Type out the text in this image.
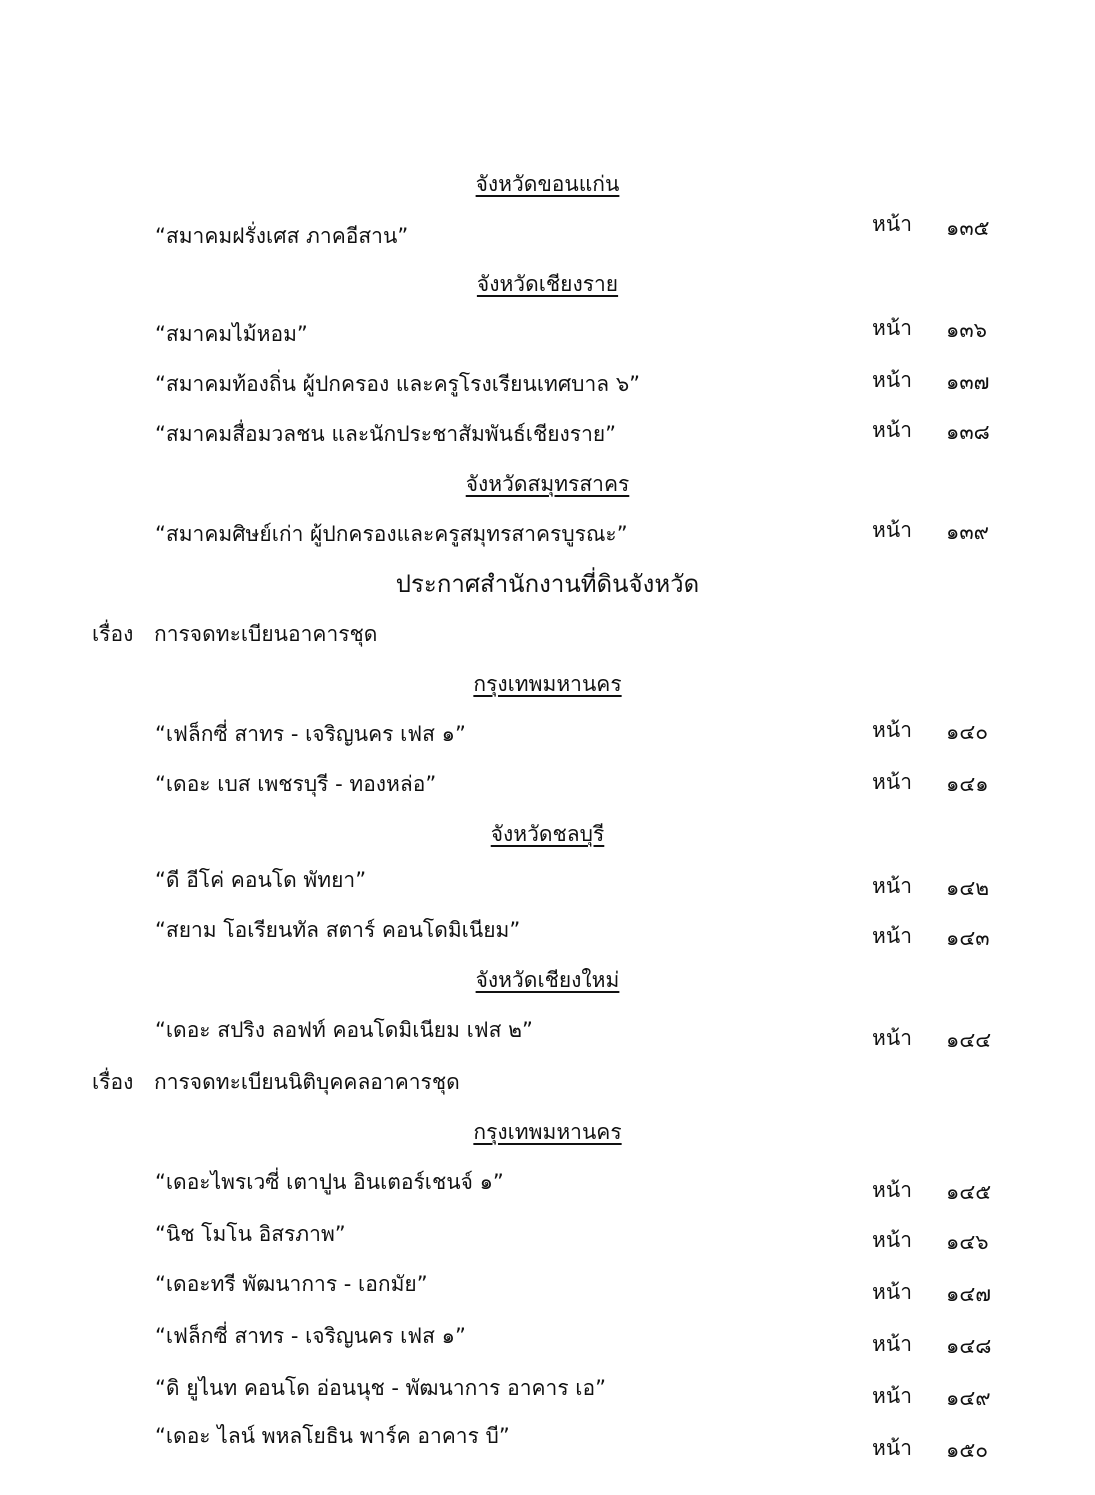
จังหวัดขอนแก่น
“สมาคมฝรั่งเศส ภาคอีสาน”	หน้า ๑๓๕
จังหวัดเชียงราย
“สมาคมไม้หอม”	หน้า ๑๓๖
“สมาคมท้องถิ่น ผู้ปกครอง และครูโรงเรียนเทศบาล ๖”	หน้า ๑๓๗
“สมาคมสื่อมวลชน และนักประชาสัมพันธ์เชียงราย”	หน้า ๑๓๘
จังหวัดสมุทรสาคร
“สมาคมศิษย์เก่า ผู้ปกครองและครูสมุทรสาครบูรณะ”	หน้า ๑๓๙
ประกาศสำนักงานที่ดินจังหวัด
เรื่อง การจดทะเบียนอาคารชุด
กรุงเทพมหานคร
“เฟล็กซี่ สาทร - เจริญนคร เฟส ๑”	หน้า ๑๔๐
“เดอะ เบส เพชรบุรี - ทองหล่อ”	หน้า ๑๔๑
จังหวัดชลบุรี
“ดี อีโค่ คอนโด พัทยา”	หน้า ๑๔๒
“สยาม โอเรียนทัล สตาร์ คอนโดมิเนียม”	หน้า ๑๔๓
จังหวัดเชียงใหม่
“เดอะ สปริง ลอฟท์ คอนโดมิเนียม เฟส ๒”	หน้า ๑๔๔
เรื่อง การจดทะเบียนนิติบุคคลอาคารชุด
กรุงเทพมหานคร
“เดอะไพรเวซี่ เตาปูน อินเตอร์เชนจ์ ๑”	หน้า ๑๔๕
“นิช โมโน อิสรภาพ”	หน้า ๑๔๖
“เดอะทรี พัฒนาการ - เอกมัย”	หน้า ๑๔๗
“เฟล็กซี่ สาทร - เจริญนคร เฟส ๑”	หน้า ๑๔๘
“ดิ ยูไนท คอนโด อ่อนนุช - พัฒนาการ อาคาร เอ”	หน้า ๑๔๙
“เดอะ ไลน์ พหลโยธิน พาร์ค อาคาร บี”	หน้า ๑๕๐
